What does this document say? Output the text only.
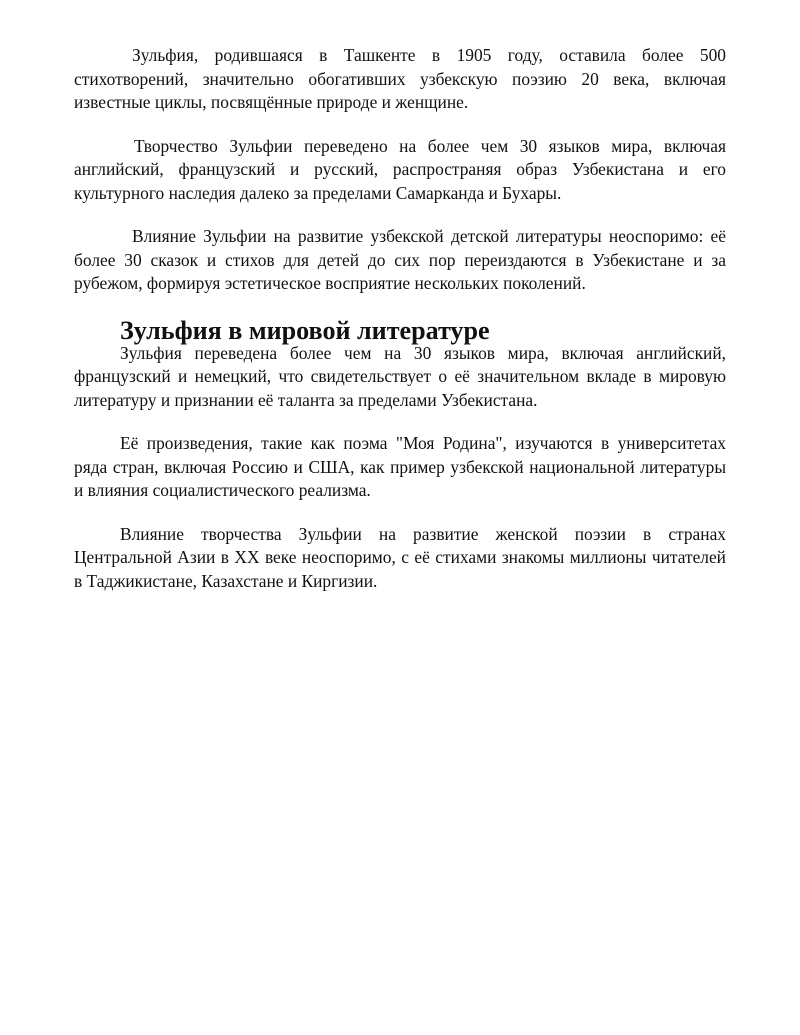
Зульфия, родившаяся в Ташкенте в 1905 году, оставила более 500 стихотворений, значительно обогативших узбекскую поэзию 20 века, включая известные циклы, посвящённые природе и женщине.

Творчество Зульфии переведено на более чем 30 языков мира, включая английский, французский и русский, распространяя образ Узбекистана и его культурного наследия далеко за пределами Самарканда и Бухары.

Влияние Зульфии на развитие узбекской детской литературы неоспоримо: её более 30 сказок и стихов для детей до сих пор переиздаются в Узбекистане и за рубежом, формируя эстетическое восприятие нескольких поколений.

Зульфия в мировой литературе

Зульфия переведена более чем на 30 языков мира, включая английский, французский и немецкий, что свидетельствует о её значительном вкладе в мировую литературу и признании её таланта за пределами Узбекистана.

Её произведения, такие как поэма "Моя Родина", изучаются в университетах ряда стран, включая Россию и США, как пример узбекской национальной литературы и влияния социалистического реализма.

Влияние творчества Зульфии на развитие женской поэзии в странах Центральной Азии в XX веке неоспоримо, с её стихами знакомы миллионы читателей в Таджикистане, Казахстане и Киргизии.
